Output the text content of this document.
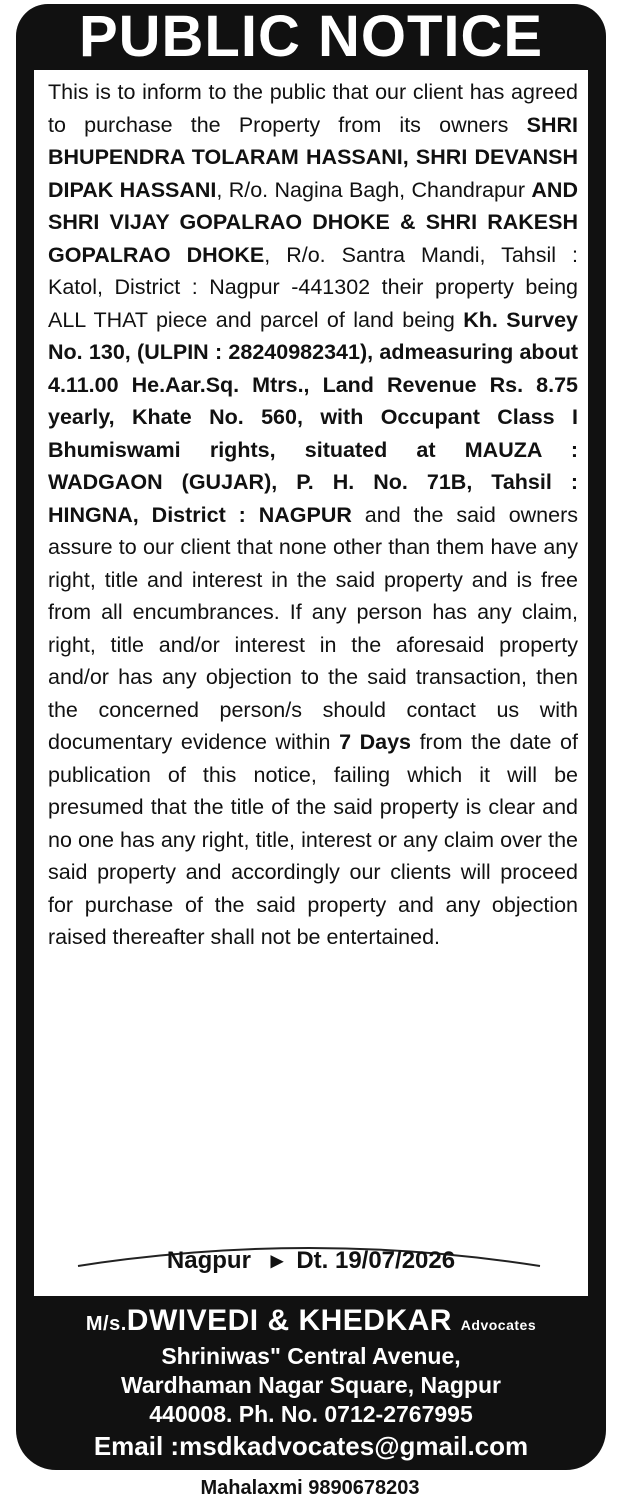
PUBLIC NOTICE

This is to inform to the public that our client has agreed to purchase the Property from its owners SHRI BHUPENDRA TOLARAM HASSANI, SHRI DEVANSH DIPAK HASSANI, R/o. Nagina Bagh, Chandrapur AND SHRI VIJAY GOPALRAO DHOKE & SHRI RAKESH GOPALRAO DHOKE, R/o. Santra Mandi, Tahsil : Katol, District : Nagpur -441302 their property being ALL THAT piece and parcel of land being Kh. Survey No. 130, (ULPIN : 28240982341), admeasuring about 4.11.00 He.Aar.Sq. Mtrs., Land Revenue Rs. 8.75 yearly, Khate No. 560, with Occupant Class I Bhumiswami rights, situated at MAUZA : WADGAON (GUJAR), P. H. No. 71B, Tahsil : HINGNA, District : NAGPUR and the said owners assure to our client that none other than them have any right, title and interest in the said property and is free from all encumbrances. If any person has any claim, right, title and/or interest in the aforesaid property and/or has any objection to the said transaction, then the concerned person/s should contact us with documentary evidence within 7 Days from the date of publication of this notice, failing which it will be presumed that the title of the said property is clear and no one has any right, title, interest or any claim over the said property and accordingly our clients will proceed for purchase of the said property and any objection raised thereafter shall not be entertained.

Nagpur   ▸  Dt. 19/07/2026
M/s.DWIVEDI & KHEDKAR Advocates
Shriniwas" Central Avenue,
Wardhaman Nagar Square, Nagpur
440008. Ph. No. 0712-2767995
Email :msdkadvocates@gmail.com
Mahalaxmi 9890678203
